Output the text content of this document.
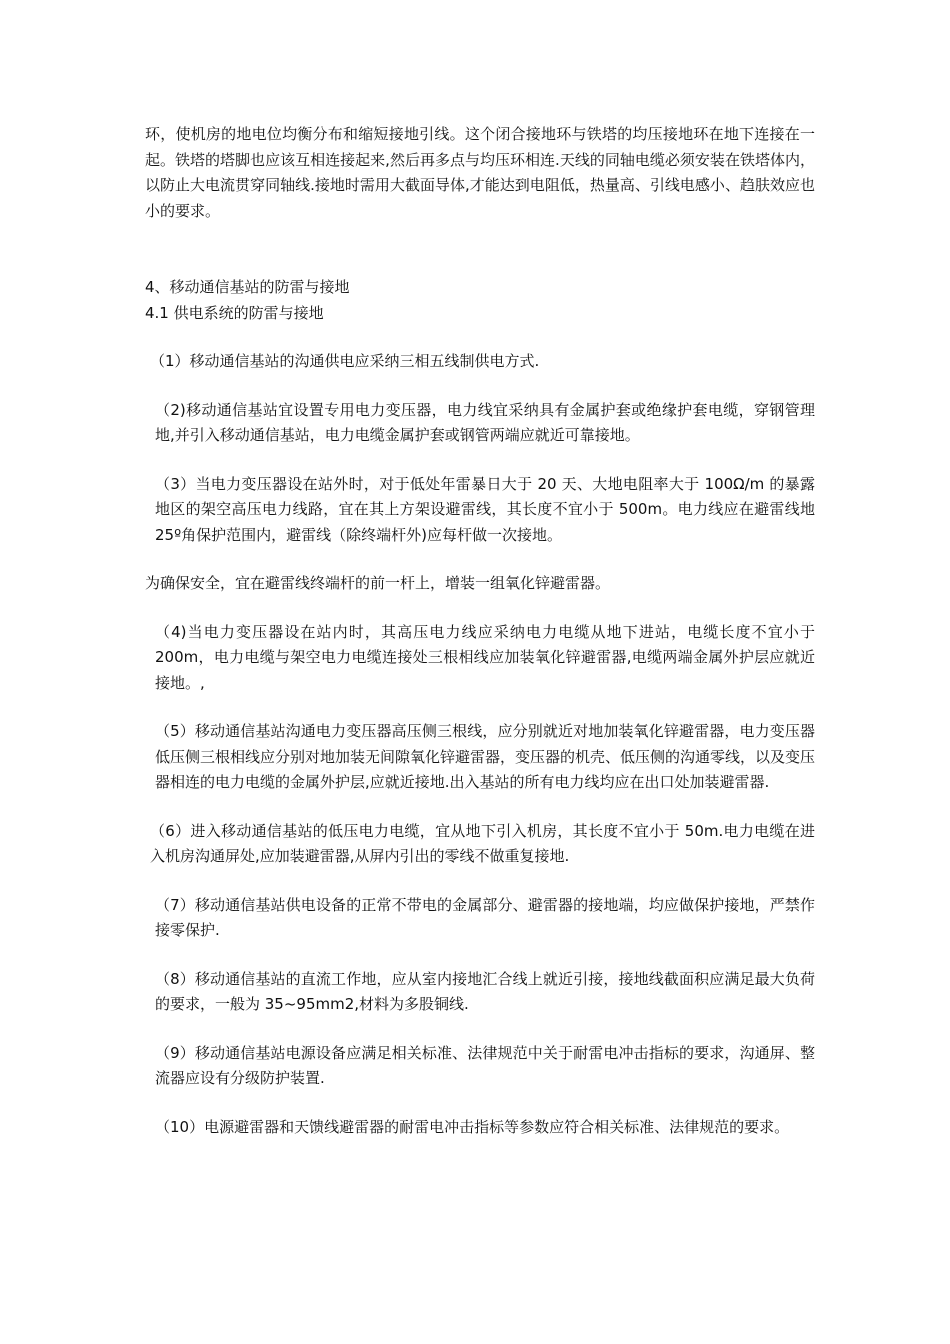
环，使机房的地电位均衡分布和缩短接地引线。这个闭合接地环与铁塔的均压接地环在地下连接在一起。铁塔的塔脚也应该互相连接起来,然后再多点与均压环相连.天线的同轴电缆必须安装在铁塔体内，以防止大电流贯穿同轴线.接地时需用大截面导体,才能达到电阻低，热量高、引线电感小、趋肤效应也小的要求。

4、移动通信基站的防雷与接地

4.1 供电系统的防雷与接地

（1）移动通信基站的沟通供电应采纳三相五线制供电方式.

（2)移动通信基站宜设置专用电力变压器，电力线宜采纳具有金属护套或绝缘护套电缆，穿钢管理地,并引入移动通信基站，电力电缆金属护套或钢管两端应就近可靠接地。

（3）当电力变压器设在站外时，对于低处年雷暴日大于 20 天、大地电阻率大于 100Ω/m 的暴露地区的架空高压电力线路，宜在其上方架设避雷线，其长度不宜小于 500m。电力线应在避雷线地 25º角保护范围内，避雷线（除终端杆外)应每杆做一次接地。

为确保安全，宜在避雷线终端杆的前一杆上，增装一组氧化锌避雷器。

（4)当电力变压器设在站内时，其高压电力线应采纳电力电缆从地下进站，电缆长度不宜小于 200m，电力电缆与架空电力电缆连接处三根相线应加装氧化锌避雷器,电缆两端金属外护层应就近接地。,

（5）移动通信基站沟通电力变压器高压侧三根线，应分别就近对地加装氧化锌避雷器，电力变压器低压侧三根相线应分别对地加装无间隙氧化锌避雷器，变压器的机壳、低压侧的沟通零线，以及变压器相连的电力电缆的金属外护层,应就近接地.出入基站的所有电力线均应在出口处加装避雷器.

（6）进入移动通信基站的低压电力电缆，宜从地下引入机房，其长度不宜小于 50m.电力电缆在进入机房沟通屏处,应加装避雷器,从屏内引出的零线不做重复接地.

（7）移动通信基站供电设备的正常不带电的金属部分、避雷器的接地端，均应做保护接地，严禁作接零保护.

（8）移动通信基站的直流工作地，应从室内接地汇合线上就近引接，接地线截面积应满足最大负荷的要求，一般为 35~95mm2,材料为多股铜线.

（9）移动通信基站电源设备应满足相关标准、法律规范中关于耐雷电冲击指标的要求，沟通屏、整流器应设有分级防护装置.

（10）电源避雷器和天馈线避雷器的耐雷电冲击指标等参数应符合相关标准、法律规范的要求。
